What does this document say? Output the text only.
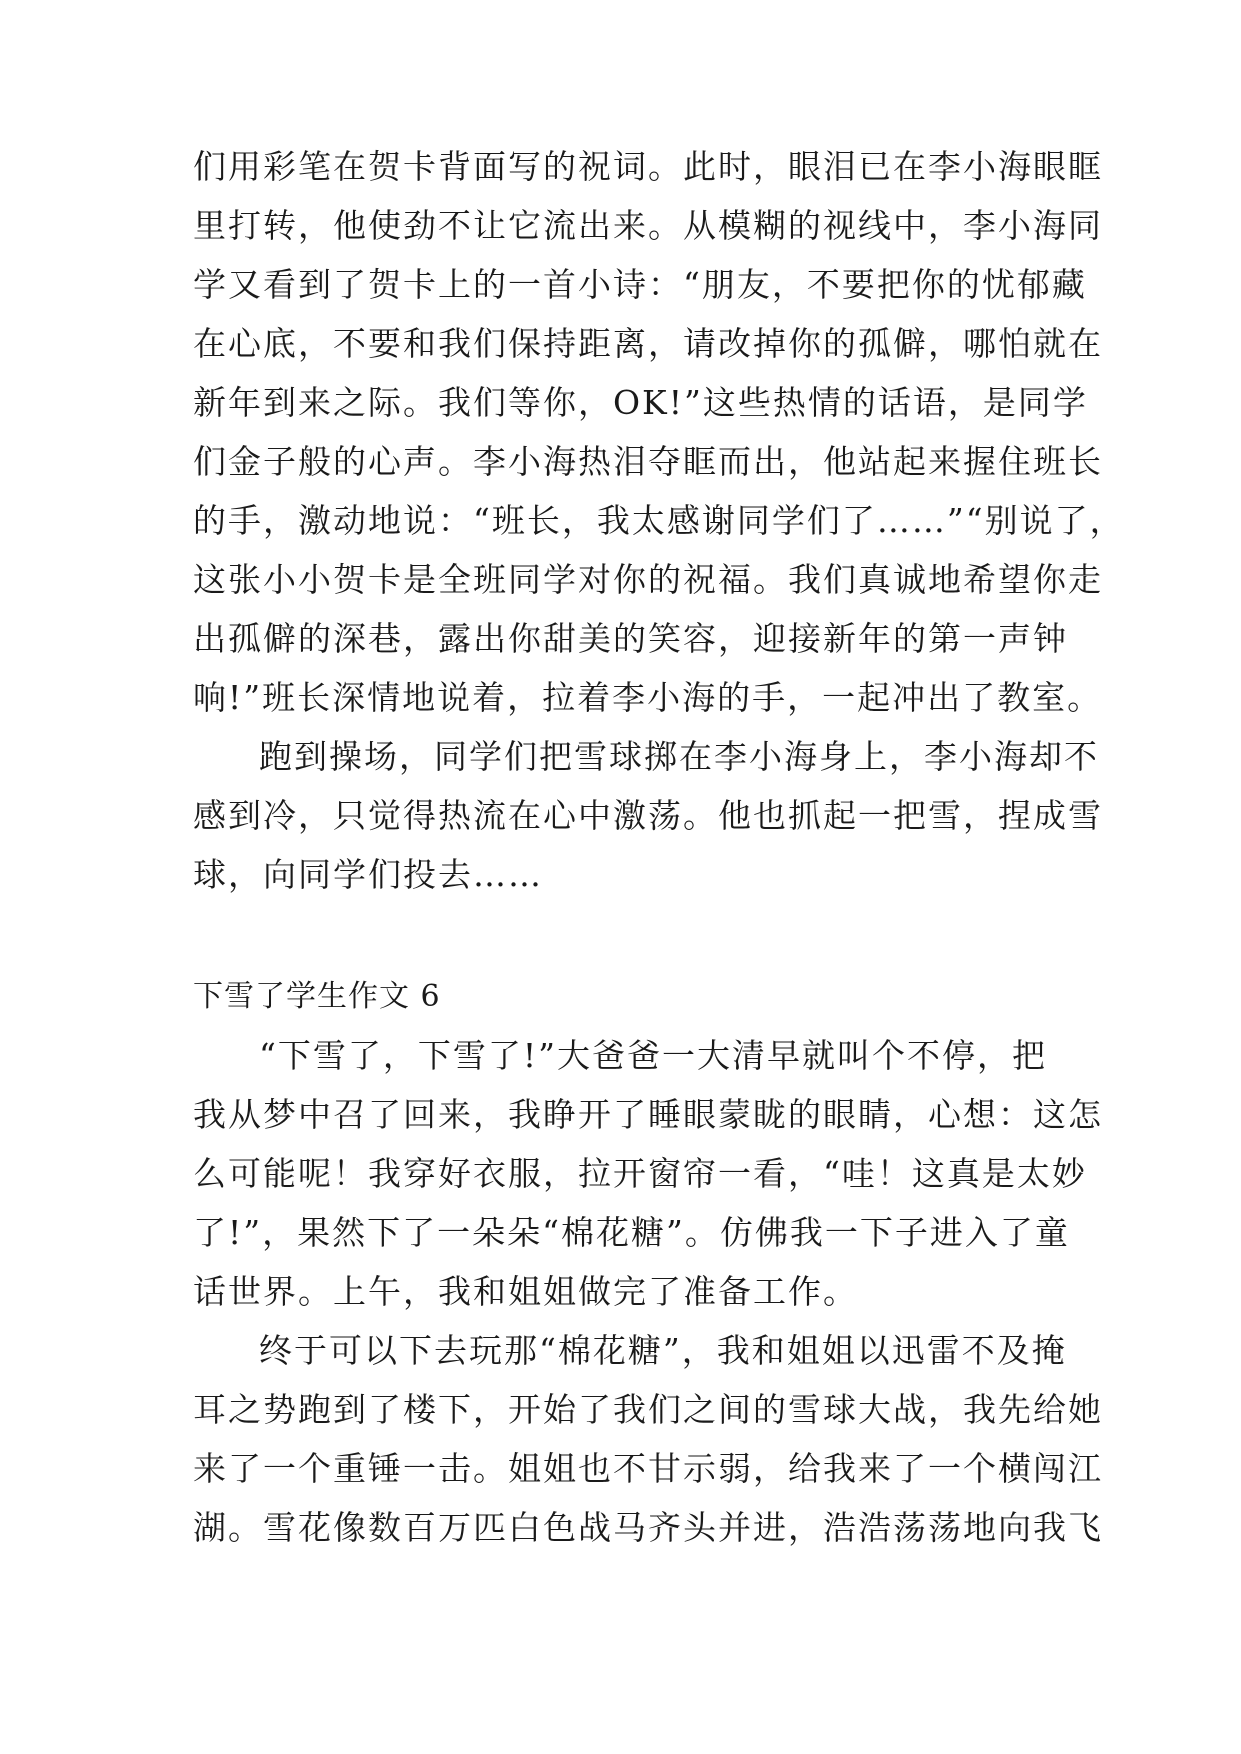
们用彩笔在贺卡背面写的祝词。此时，眼泪已在李小海眼眶
里打转，他使劲不让它流出来。从模糊的视线中，李小海同
学又看到了贺卡上的一首小诗：“朋友，不要把你的忧郁藏
在心底，不要和我们保持距离，请改掉你的孤僻，哪怕就在
新年到来之际。我们等你，OK!”这些热情的话语，是同学
们金子般的心声。李小海热泪夺眶而出，他站起来握住班长
的手，激动地说：“班长，我太感谢同学们了……”“别说了，
这张小小贺卡是全班同学对你的祝福。我们真诚地希望你走
出孤僻的深巷，露出你甜美的笑容，迎接新年的第一声钟
响!”班长深情地说着，拉着李小海的手，一起冲出了教室。
跑到操场，同学们把雪球掷在李小海身上，李小海却不
感到冷，只觉得热流在心中激荡。他也抓起一把雪，捏成雪
球，向同学们投去……
下雪了学生作文 6
“下雪了，下雪了!”大爸爸一大清早就叫个不停，把
我从梦中召了回来，我睁开了睡眼蒙眬的眼睛，心想：这怎
么可能呢！我穿好衣服，拉开窗帘一看，“哇！这真是太妙
了!”，果然下了一朵朵“棉花糖”。仿佛我一下子进入了童
话世界。上午，我和姐姐做完了准备工作。
终于可以下去玩那“棉花糖”，我和姐姐以迅雷不及掩
耳之势跑到了楼下，开始了我们之间的雪球大战，我先给她
来了一个重锤一击。姐姐也不甘示弱，给我来了一个横闯江
湖。雪花像数百万匹白色战马齐头并进，浩浩荡荡地向我飞
